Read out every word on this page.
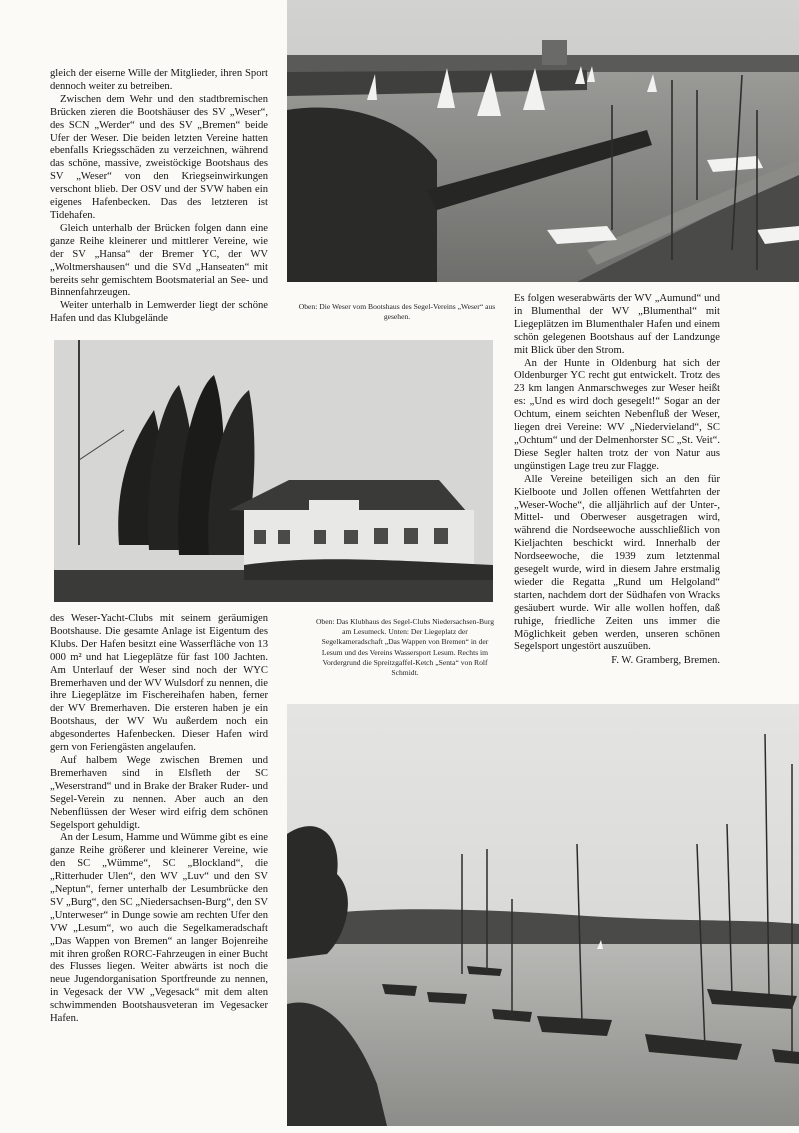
gleich der eiserne Wille der Mitglieder, ihren Sport dennoch weiter zu betreiben.

Zwischen dem Wehr und den stadtbremischen Brücken zieren die Bootshäuser des SV „Weser“, des SCN „Werder“ und des SV „Bremen“ beide Ufer der Weser. Die beiden letzten Vereine hatten ebenfalls Kriegsschäden zu verzeichnen, während das schöne, massive, zweistöckige Bootshaus des SV „Weser“ von den Kriegseinwirkungen verschont blieb. Der OSV und der SVW haben ein eigenes Hafenbecken. Das des letzteren ist Tidehafen.

Gleich unterhalb der Brücken folgen dann eine ganze Reihe kleinerer und mittlerer Vereine, wie der SV „Hansa“ der Bremer YC, der WV „Woltmershausen“ und die SVd „Hanseaten“ mit bereits sehr gemischtem Bootsmaterial an See- und Binnenfahrzeugen.

Weiter unterhalb in Lemwerder liegt der schöne Hafen und das Klubgelände

Oben: Die Weser vom Bootshaus des Segel-Vereins „Weser“ aus gesehen.
Oben: Das Klubhaus des Segel-Clubs Niedersachsen-Burg am Lesumeck. Unten: Der Liegeplatz der Segelkameradschaft „Das Wappen von Bremen“ in der Lesum und des Vereins Wassersport Lesum. Rechts im Vordergrund die Spreitzgaffel-Ketch „Senta“ von Rolf Schmidt.

des Weser-Yacht-Clubs mit seinem geräumigen Bootshause. Die gesamte Anlage ist Eigentum des Klubs. Der Hafen besitzt eine Wasserfläche von 13 000 m² und hat Liegeplätze für fast 100 Jachten. Am Unterlauf der Weser sind noch der WYC Bremerhaven und der WV Wulsdorf zu nennen, die ihre Liegeplätze im Fischereihafen haben, ferner der WV Bremerhaven. Die ersteren haben je ein Bootshaus, der WV Wu außerdem noch ein abgesondertes Hafenbecken. Dieser Hafen wird gern von Feriengästen angelaufen.

Auf halbem Wege zwischen Bremen und Bremerhaven sind in Elsfleth der SC „Weserstrand“ und in Brake der Braker Ruder- und Segel-Verein zu nennen. Aber auch an den Nebenflüssen der Weser wird eifrig dem schönen Segelsport gehuldigt.

An der Lesum, Hamme und Wümme gibt es eine ganze Reihe größerer und kleinerer Vereine, wie den SC „Wümme“, SC „Blockland“, die „Ritterhuder Ulen“, den WV „Luv“ und den SV „Neptun“, ferner unterhalb der Lesumbrücke den SV „Burg“, den SC „Niedersachsen-Burg“, den SV „Unterweser“ in Dunge sowie am rechten Ufer den VW „Lesum“, wo auch die Segelkameradschaft „Das Wappen von Bremen“ an langer Bojenreihe mit ihren großen RORC-Fahrzeugen in einer Bucht des Flusses liegen. Weiter abwärts ist noch die neue Jugendorganisation Sportfreunde zu nennen, in Vegesack der VW „Vegesack“ mit dem alten schwimmenden Bootshausveteran im Vegesacker Hafen.

Es folgen weserabwärts der WV „Aumund“ und in Blumenthal der WV „Blumenthal“ mit Liegeplätzen im Blumenthaler Hafen und einem schön gelegenen Bootshaus auf der Landzunge mit Blick über den Strom.

An der Hunte in Oldenburg hat sich der Oldenburger YC recht gut entwickelt. Trotz des 23 km langen Anmarschweges zur Weser heißt es: „Und es wird doch gesegelt!“ Sogar an der Ochtum, einem seichten Nebenfluß der Weser, liegen drei Vereine: WV „Niedervieland“, SC „Ochtum“ und der Delmenhorster SC „St. Veit“. Diese Segler halten trotz der von Natur aus ungünstigen Lage treu zur Flagge.

Alle Vereine beteiligen sich an den für Kielboote und Jollen offenen Wettfahrten der „Weser-Woche“, die alljährlich auf der Unter-, Mittel- und Oberweser ausgetragen wird, während die Nordseewoche ausschließlich von Kieljachten beschickt wird. Innerhalb der Nordseewoche, die 1939 zum letztenmal gesegelt wurde, wird in diesem Jahre erstmalig wieder die Regatta „Rund um Helgoland“ starten, nachdem dort der Südhafen von Wracks gesäubert wurde. Wir alle wollen hoffen, daß ruhige, friedliche Zeiten uns immer die Möglichkeit geben werden, unseren schönen Segelsport ungestört auszuüben.

F. W. Gramberg, Bremen.
